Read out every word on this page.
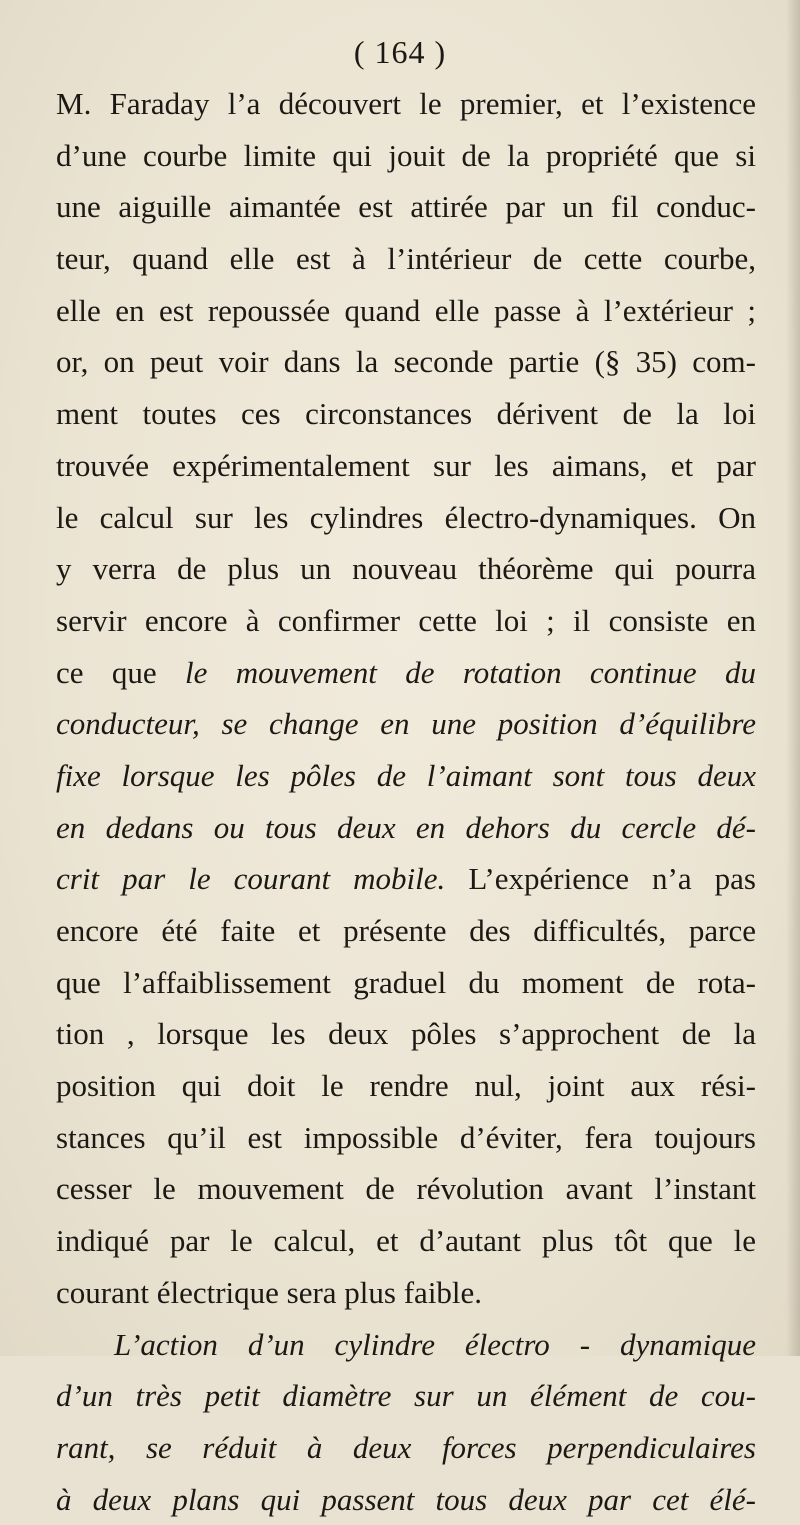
( 164 )
M. Faraday l’a découvert le premier, et l’existence
d’une courbe limite qui jouit de la propriété que si
une aiguille aimantée est attirée par un fil conduc-
teur, quand elle est à l’intérieur de cette courbe,
elle en est repoussée quand elle passe à l’extérieur ;
or, on peut voir dans la seconde partie (§ 35) com-
ment toutes ces circonstances dérivent de la loi
trouvée expérimentalement sur les aimans, et par
le calcul sur les cylindres électro-dynamiques. On
y verra de plus un nouveau théorème qui pourra
servir encore à confirmer cette loi ; il consiste en
ce que le mouvement de rotation continue du
conducteur, se change en une position d’équilibre
fixe lorsque les pôles de l’aimant sont tous deux
en dedans ou tous deux en dehors du cercle dé-
crit par le courant mobile. L’expérience n’a pas
encore été faite et présente des difficultés, parce
que l’affaiblissement graduel du moment de rota-
tion , lorsque les deux pôles s’approchent de la
position qui doit le rendre nul, joint aux rési-
stances qu’il est impossible d’éviter, fera toujours
cesser le mouvement de révolution avant l’instant
indiqué par le calcul, et d’autant plus tôt que le
courant électrique sera plus faible.
L’action d’un cylindre électro - dynamique
d’un très petit diamètre sur un élément de cou-
rant, se réduit à deux forces perpendiculaires
à deux plans qui passent tous deux par cet élé-
